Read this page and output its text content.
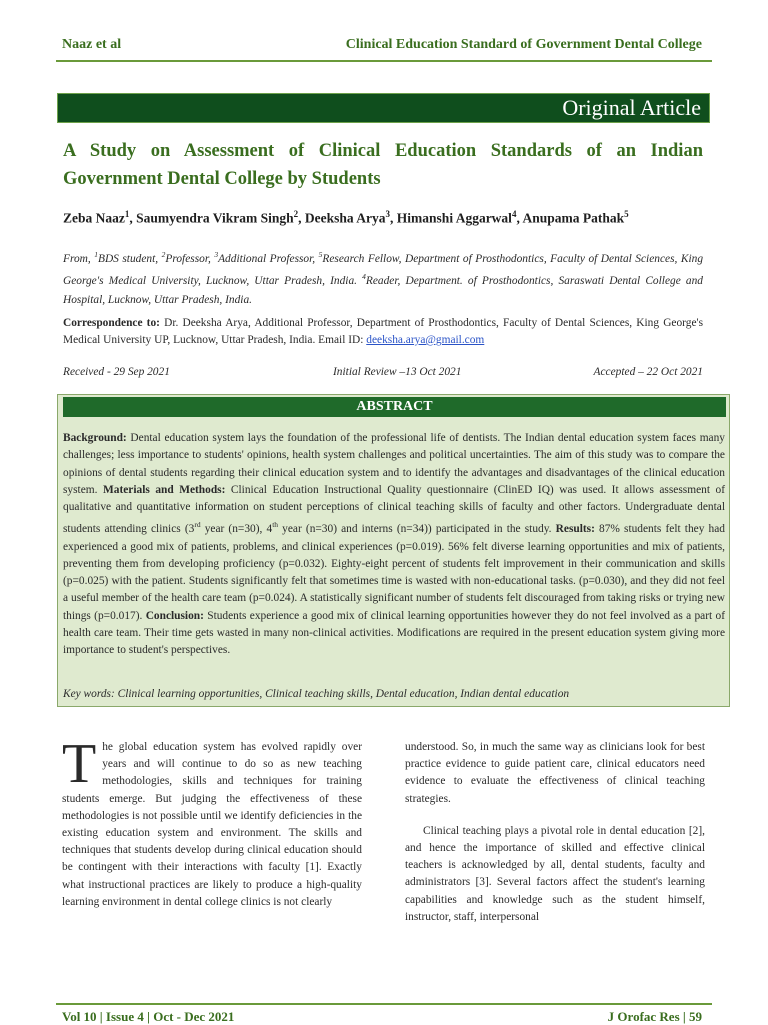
Naaz et al	Clinical Education Standard of Government Dental College
Original Article
A Study on Assessment of Clinical Education Standards of an Indian Government Dental College by Students
Zeba Naaz$^1$, Saumyendra Vikram Singh$^2$, Deeksha Arya$^3$, Himanshi Aggarwal$^4$, Anupama Pathak$^5$
From, $^1$BDS student, $^2$Professor, $^3$Additional Professor, $^5$Research Fellow, Department of Prosthodontics, Faculty of Dental Sciences, King George's Medical University, Lucknow, Uttar Pradesh, India. $^4$Reader, Department. of Prosthodontics, Saraswati Dental College and Hospital, Lucknow, Uttar Pradesh, India.
Correspondence to: Dr. Deeksha Arya, Additional Professor, Department of Prosthodontics, Faculty of Dental Sciences, King George's Medical University UP, Lucknow, Uttar Pradesh, India. Email ID: deeksha.arya@gmail.com
Received - 29 Sep 2021	Initial Review –13 Oct 2021	Accepted – 22 Oct 2021
ABSTRACT
Background: Dental education system lays the foundation of the professional life of dentists. The Indian dental education system faces many challenges; less importance to students' opinions, health system challenges and political uncertainties. The aim of this study was to compare the opinions of dental students regarding their clinical education system and to identify the advantages and disadvantages of the clinical education system. Materials and Methods: Clinical Education Instructional Quality questionnaire (ClinED IQ) was used. It allows assessment of qualitative and quantitative information on student perceptions of clinical teaching skills of faculty and other factors. Undergraduate dental students attending clinics (3rd year (n=30), 4th year (n=30) and interns (n=34)) participated in the study. Results: 87% students felt they had experienced a good mix of patients, problems, and clinical experiences (p=0.019). 56% felt diverse learning opportunities and mix of patients, preventing them from developing proficiency (p=0.032). Eighty-eight percent of students felt improvement in their communication and skills (p=0.025) with the patient. Students significantly felt that sometimes time is wasted with non-educational tasks. (p=0.030), and they did not feel a useful member of the health care team (p=0.024). A statistically significant number of students felt discouraged from taking risks or trying new things (p=0.017). Conclusion: Students experience a good mix of clinical learning opportunities however they do not feel involved as a part of health care team. Their time gets wasted in many non-clinical activities. Modifications are required in the present education system giving more importance to student's perspectives.
Key words: Clinical learning opportunities, Clinical teaching skills, Dental education, Indian dental education

The global education system has evolved rapidly over years and will continue to do so as new teaching methodologies, skills and techniques for training students emerge. But judging the effectiveness of these methodologies is not possible until we identify deficiencies in the existing education system and environment. The skills and techniques that students develop during clinical education should be contingent with their interactions with faculty [1]. Exactly what instructional practices are likely to produce a high-quality learning environment in dental college clinics is not clearly

understood. So, in much the same way as clinicians look for best practice evidence to guide patient care, clinical educators need evidence to evaluate the effectiveness of clinical teaching strategies.

Clinical teaching plays a pivotal role in dental education [2], and hence the importance of skilled and effective clinical teachers is acknowledged by all, dental students, faculty and administrators [3]. Several factors affect the student's learning capabilities and knowledge such as the student himself, instructor, staff, interpersonal

Vol 10 | Issue 4 | Oct - Dec 2021	J Orofac Res | 59
